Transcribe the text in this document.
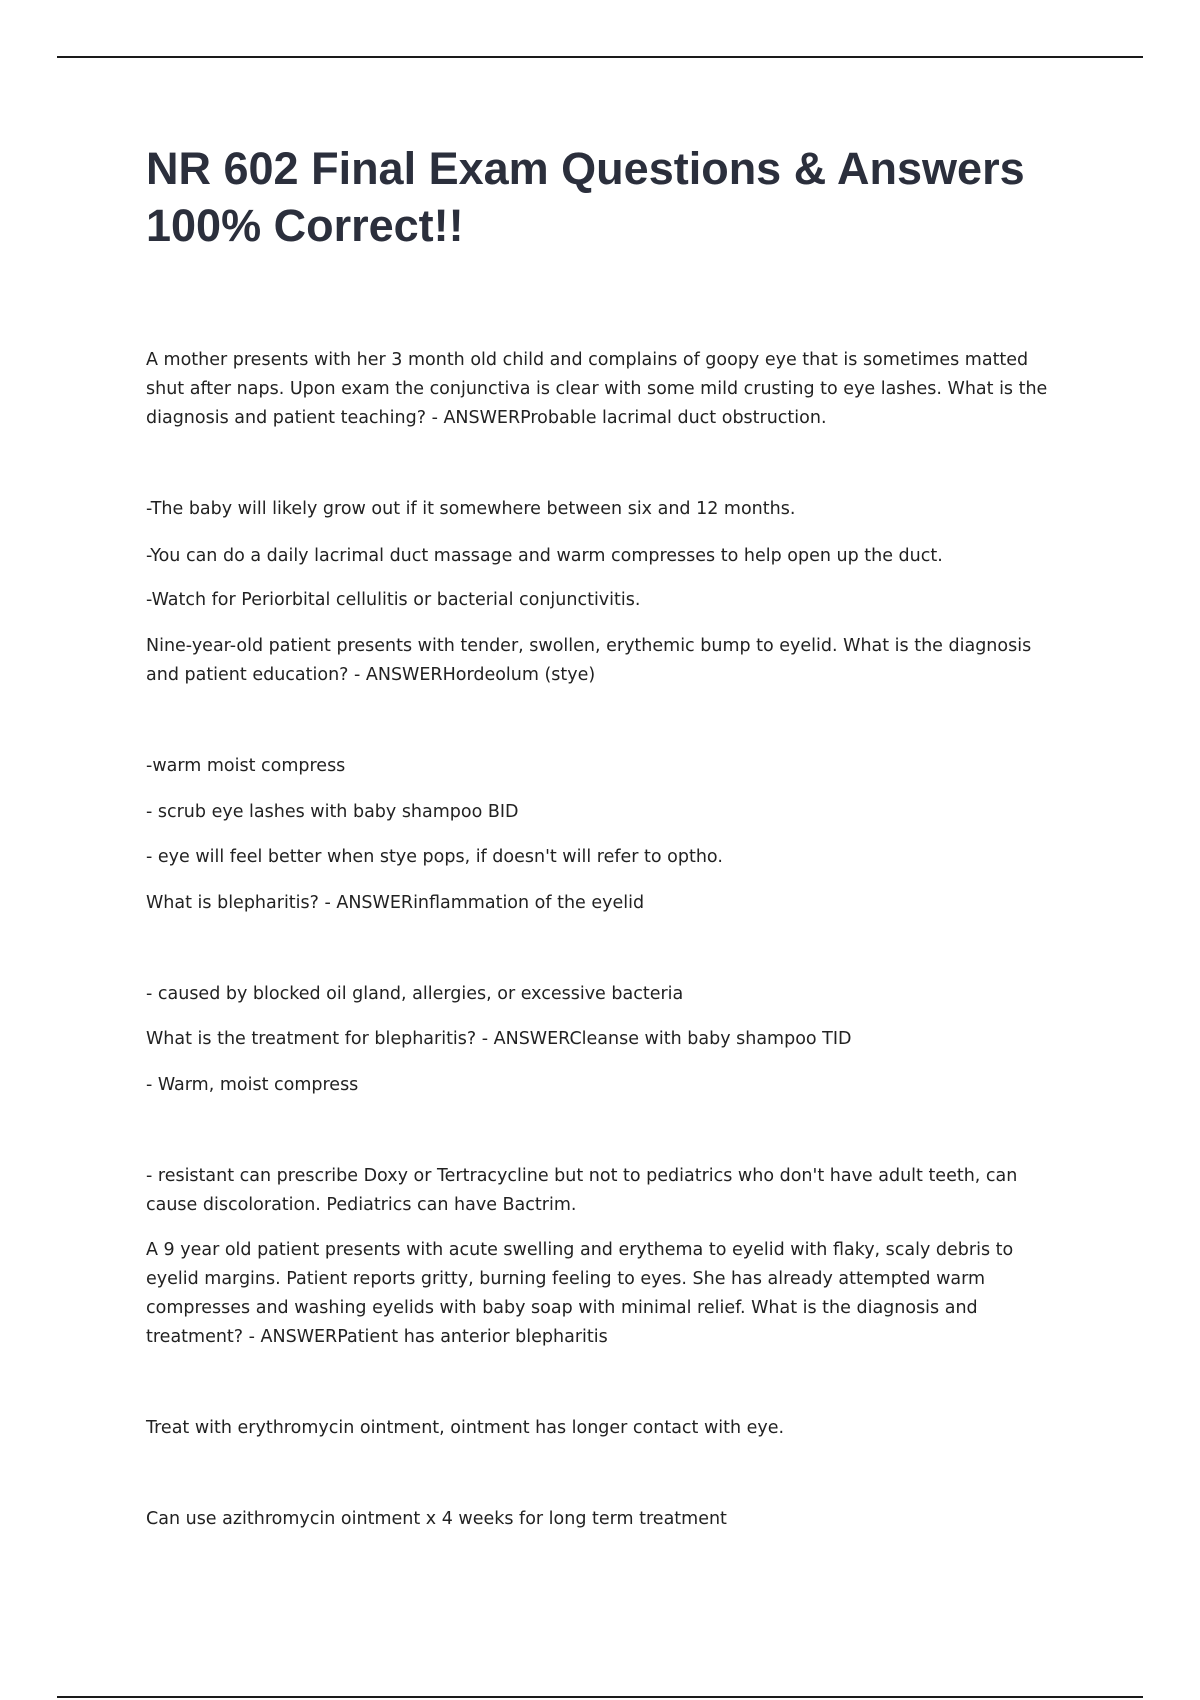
NR 602 Final Exam Questions & Answers 100% Correct!!

A mother presents with her 3 month old child and complains of goopy eye that is sometimes matted shut after naps. Upon exam the conjunctiva is clear with some mild crusting to eye lashes. What is the diagnosis and patient teaching? - ANSWERProbable lacrimal duct obstruction.

-The baby will likely grow out if it somewhere between six and 12 months.

-You can do a daily lacrimal duct massage and warm compresses to help open up the duct.

-Watch for Periorbital cellulitis or bacterial conjunctivitis.

Nine-year-old patient presents with tender, swollen, erythemic bump to eyelid. What is the diagnosis and patient education? - ANSWERHordeolum (stye)

-warm moist compress

- scrub eye lashes with baby shampoo BID

- eye will feel better when stye pops, if doesn't will refer to optho.

What is blepharitis? - ANSWERinflammation of the eyelid

- caused by blocked oil gland, allergies, or excessive bacteria

What is the treatment for blepharitis? - ANSWERCleanse with baby shampoo TID

- Warm, moist compress

- resistant can prescribe Doxy or Tertracycline but not to pediatrics who don't have adult teeth, can cause discoloration. Pediatrics can have Bactrim.

A 9 year old patient presents with acute swelling and erythema to eyelid with flaky, scaly debris to eyelid margins. Patient reports gritty, burning feeling to eyes. She has already attempted warm compresses and washing eyelids with baby soap with minimal relief. What is the diagnosis and treatment? - ANSWERPatient has anterior blepharitis

Treat with erythromycin ointment, ointment has longer contact with eye.

Can use azithromycin ointment x 4 weeks for long term treatment
